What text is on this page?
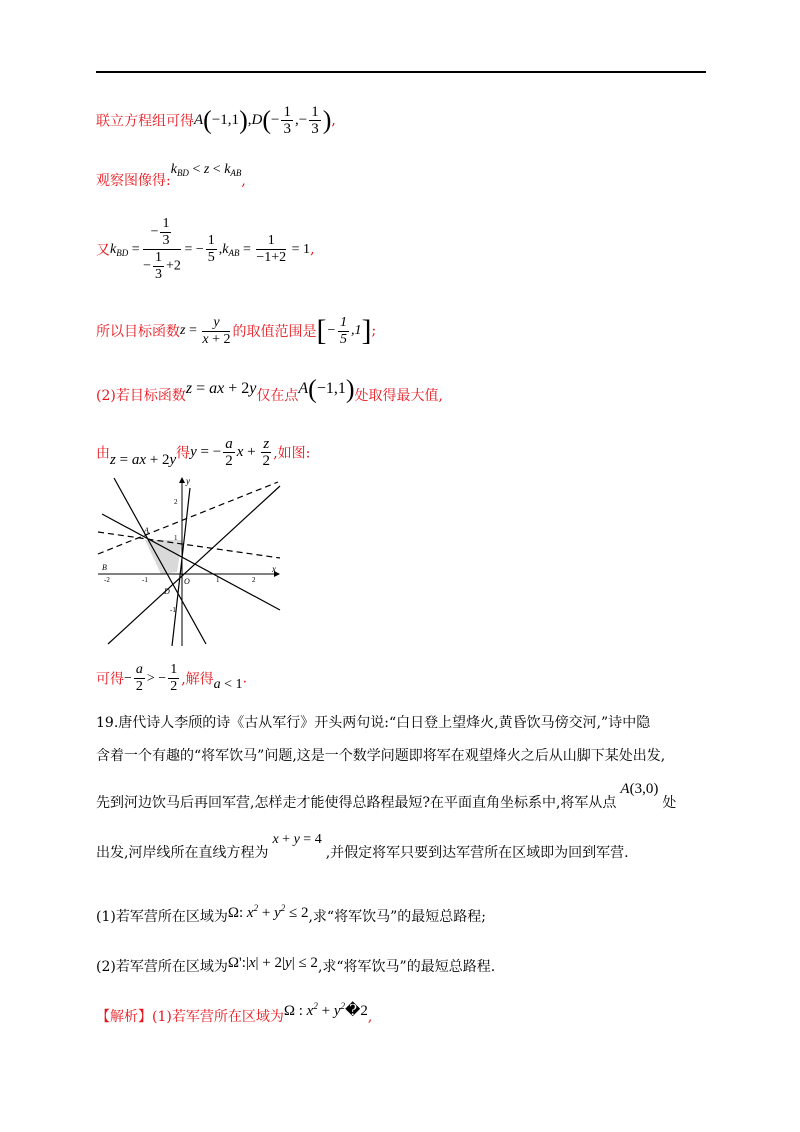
联立方程组可得$A(-1,1),D(- \frac{1}{3}$ ,− $\frac{1}{3}$ ),
观察图像得$:k_{BD} < z < k_{AB}$,
又$k_{BD} = \frac{- \frac{1}{3}}{- \frac{1}{3} +2}$ = − $\frac{1}{5} ,k_{AB} = \frac{1}{-1+2} = 1$,
所以目标函数$z = \frac{y}{x + 2}$ 的取值范围是[− $\frac{1}{5} ,1$];
(2)若目标函数z = ax + 2y仅在点A(−1,1)处取得最大值,
由z = ax + 2y得y = − $\frac{a}{2}$ $x + \frac{z}{2}$ ,如图:
x
y
O
A
B
D
-2	-1	1	2
2
1
-1
可得− $\frac{a}{2}$ > − $\frac{1}{2}$ ,解得a < 1.
19.唐代诗人李颀的诗《古从军行》开头两句说:“白日登上望烽火,黄昏饮马傍交河,”诗中隐
含着一个有趣的“将军饮马”问题,这是一个数学问题即将军在观望烽火之后从山脚下某处出发,
先到河边饮马后再回军营,怎样走才能使得总路程最短?在平面直角坐标系中,将军从点A(3,0)处
出发,河岸线所在直线方程为x + y = 4,并假定将军只要到达军营所在区域即为回到军营.
(1)若军营所在区域为Ω: $x^2 + y^2 \le 2$,求“将军饮马”的最短总路程;
(2)若军营所在区域为Ω':|x| + 2|y| ≤ 2,求“将军饮马”的最短总路程.
【解析】(1)若军营所在区域为Ω : $x^2$ + $y^2�2$,
